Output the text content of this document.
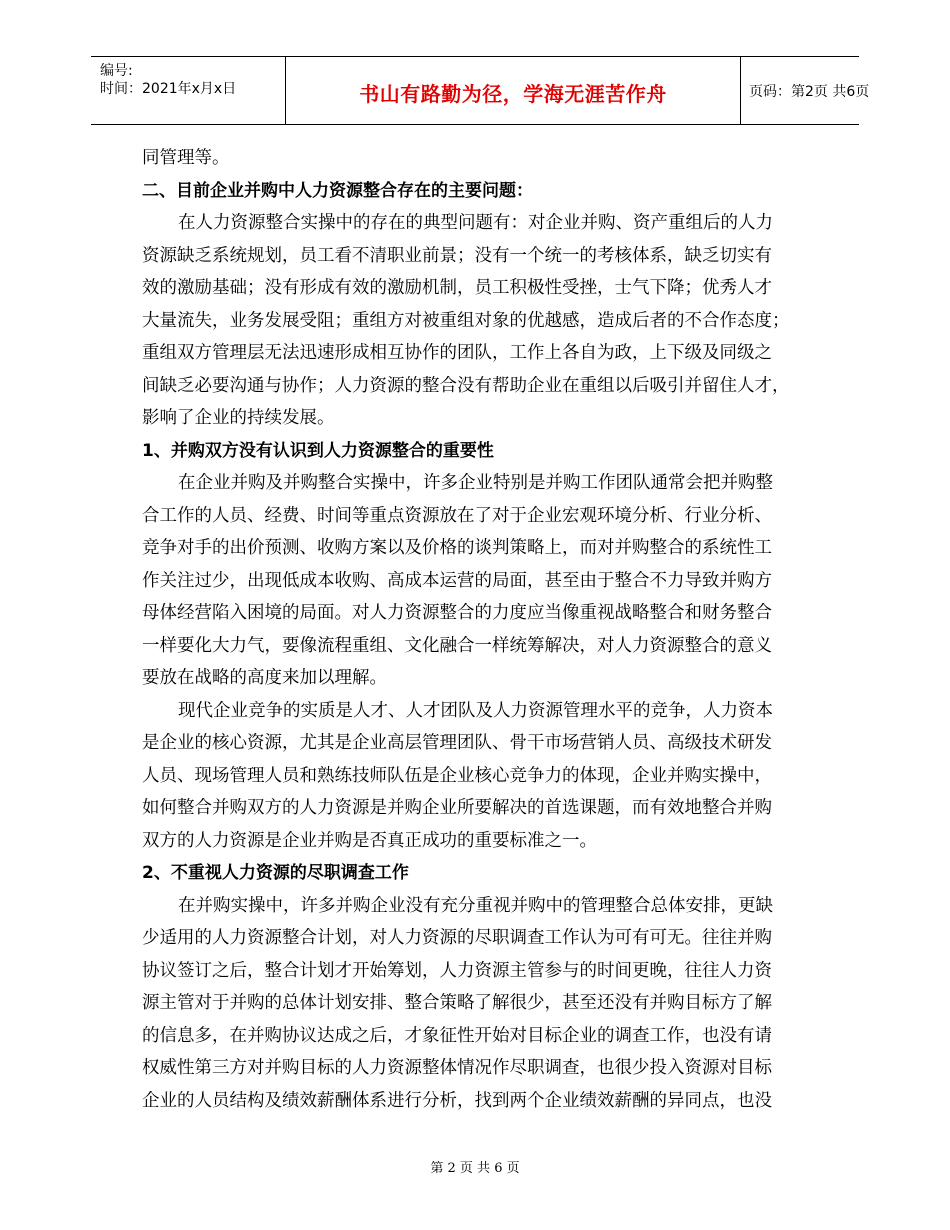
编号:
时间：2021年x月x日	书山有路勤为径，学海无涯苦作舟	页码：第2页 共6页
同管理等。
二、目前企业并购中人力资源整合存在的主要问题：
在人力资源整合实操中的存在的典型问题有：对企业并购、资产重组后的人力
资源缺乏系统规划，员工看不清职业前景；没有一个统一的考核体系，缺乏切实有
效的激励基础；没有形成有效的激励机制，员工积极性受挫，士气下降；优秀人才
大量流失，业务发展受阻；重组方对被重组对象的优越感，造成后者的不合作态度；
重组双方管理层无法迅速形成相互协作的团队，工作上各自为政，上下级及同级之
间缺乏必要沟通与协作；人力资源的整合没有帮助企业在重组以后吸引并留住人才，
影响了企业的持续发展。
1、并购双方没有认识到人力资源整合的重要性
在企业并购及并购整合实操中，许多企业特别是并购工作团队通常会把并购整
合工作的人员、经费、时间等重点资源放在了对于企业宏观环境分析、行业分析、
竞争对手的出价预测、收购方案以及价格的谈判策略上，而对并购整合的系统性工
作关注过少，出现低成本收购、高成本运营的局面，甚至由于整合不力导致并购方
母体经营陷入困境的局面。对人力资源整合的力度应当像重视战略整合和财务整合
一样要化大力气，要像流程重组、文化融合一样统筹解决，对人力资源整合的意义
要放在战略的高度来加以理解。
现代企业竞争的实质是人才、人才团队及人力资源管理水平的竞争，人力资本
是企业的核心资源，尤其是企业高层管理团队、骨干市场营销人员、高级技术研发
人员、现场管理人员和熟练技师队伍是企业核心竞争力的体现，企业并购实操中，
如何整合并购双方的人力资源是并购企业所要解决的首选课题，而有效地整合并购
双方的人力资源是企业并购是否真正成功的重要标准之一。
2、不重视人力资源的尽职调查工作
在并购实操中，许多并购企业没有充分重视并购中的管理整合总体安排，更缺
少适用的人力资源整合计划，对人力资源的尽职调查工作认为可有可无。往往并购
协议签订之后，整合计划才开始筹划，人力资源主管参与的时间更晚，往往人力资
源主管对于并购的总体计划安排、整合策略了解很少，甚至还没有并购目标方了解
的信息多，在并购协议达成之后，才象征性开始对目标企业的调查工作，也没有请
权威性第三方对并购目标的人力资源整体情况作尽职调查，也很少投入资源对目标
企业的人员结构及绩效薪酬体系进行分析，找到两个企业绩效薪酬的异同点，也没
第 2 页 共 6 页
